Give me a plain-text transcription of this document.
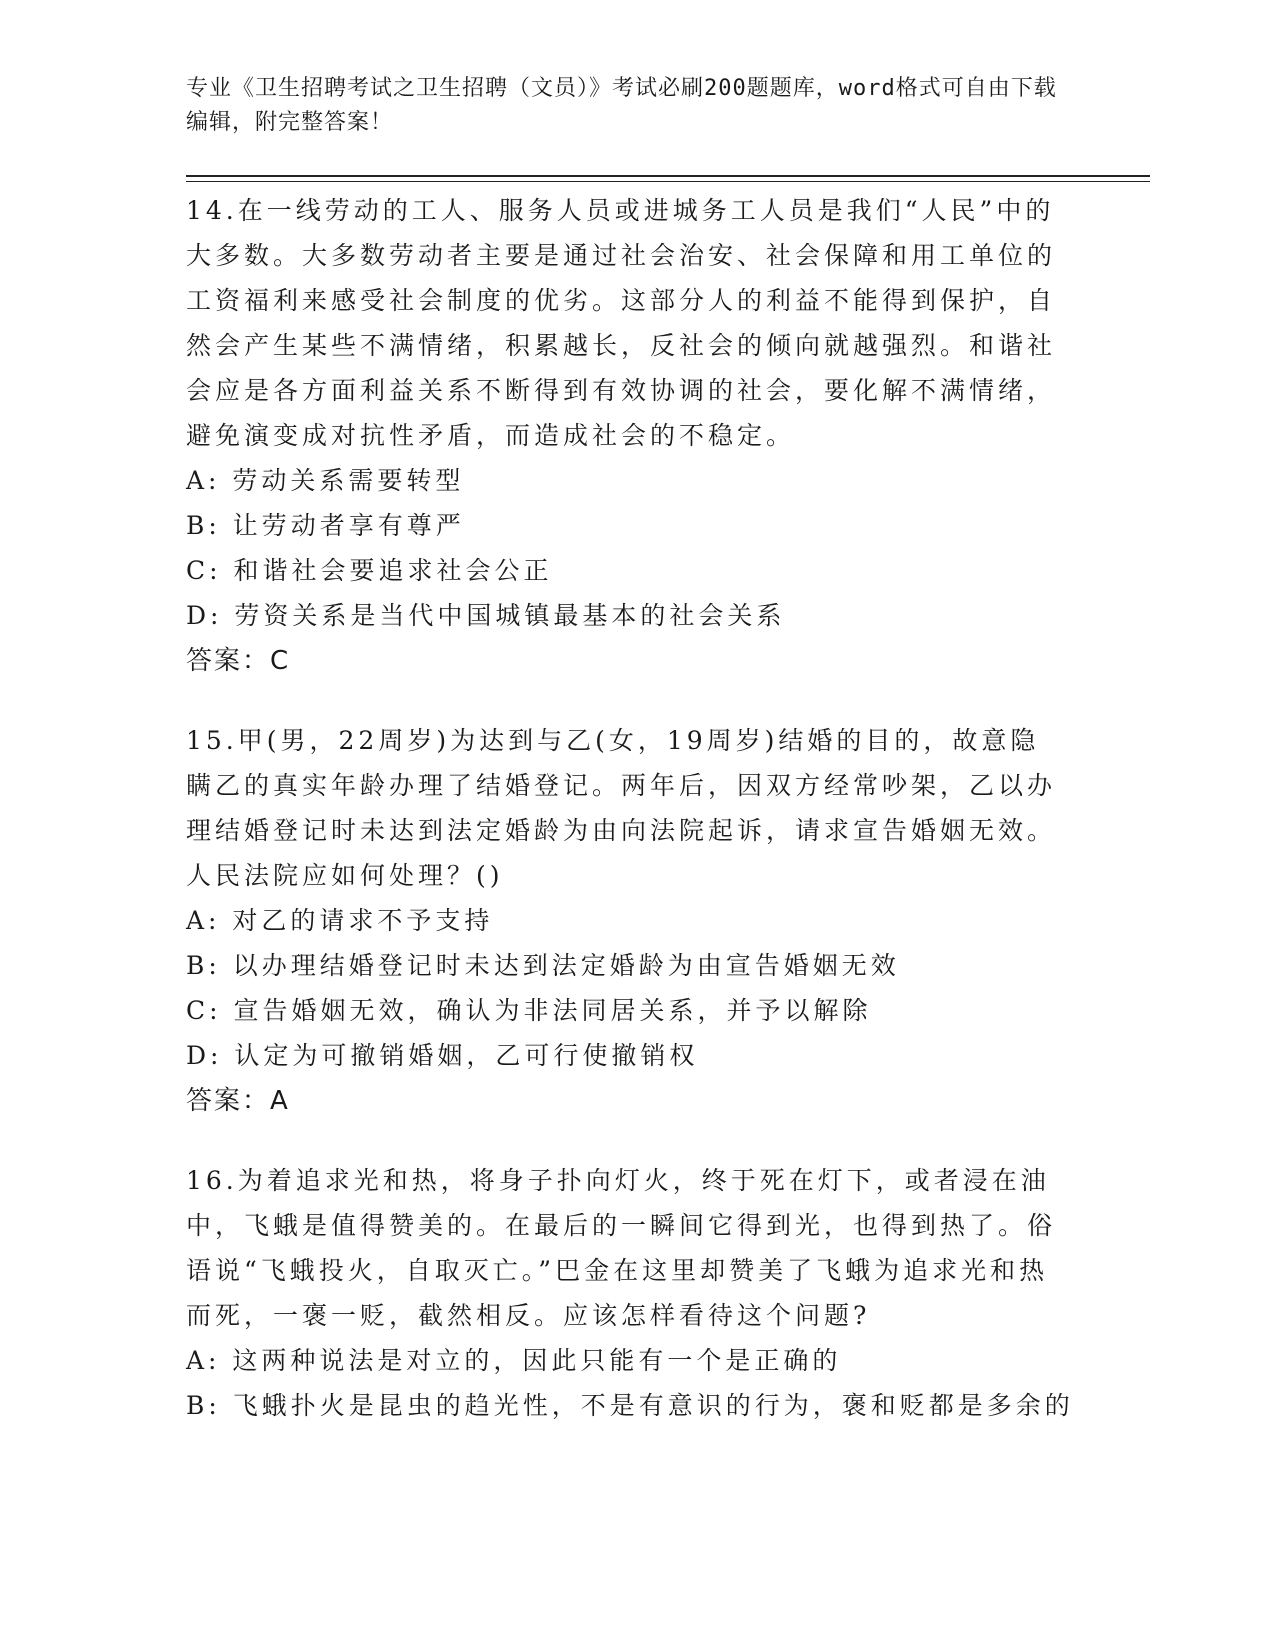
专业《卫生招聘考试之卫生招聘（文员）》考试必刷200题题库，word格式可自由下载编辑，附完整答案！

14.在一线劳动的工人、服务人员或进城务工人员是我们“人民”中的大多数。大多数劳动者主要是通过社会治安、社会保障和用工单位的工资福利来感受社会制度的优劣。这部分人的利益不能得到保护，自然会产生某些不满情绪，积累越长，反社会的倾向就越强烈。和谐社会应是各方面利益关系不断得到有效协调的社会，要化解不满情绪，避免演变成对抗性矛盾，而造成社会的不稳定。

A: 劳动关系需要转型

B: 让劳动者享有尊严

C: 和谐社会要追求社会公正

D: 劳资关系是当代中国城镇最基本的社会关系

答案：C

15.甲(男，22周岁)为达到与乙(女，19周岁)结婚的目的，故意隐瞒乙的真实年龄办理了结婚登记。两年后，因双方经常吵架，乙以办理结婚登记时未达到法定婚龄为由向法院起诉，请求宣告婚姻无效。人民法院应如何处理？()

A: 对乙的请求不予支持

B: 以办理结婚登记时未达到法定婚龄为由宣告婚姻无效

C: 宣告婚姻无效，确认为非法同居关系，并予以解除

D: 认定为可撤销婚姻，乙可行使撤销权

答案：A

16.为着追求光和热，将身子扑向灯火，终于死在灯下，或者浸在油中，飞蛾是值得赞美的。在最后的一瞬间它得到光，也得到热了。俗语说“飞蛾投火，自取灭亡。”巴金在这里却赞美了飞蛾为追求光和热而死，一褒一贬，截然相反。应该怎样看待这个问题?

A: 这两种说法是对立的，因此只能有一个是正确的

B: 飞蛾扑火是昆虫的趋光性，不是有意识的行为，褒和贬都是多余的
